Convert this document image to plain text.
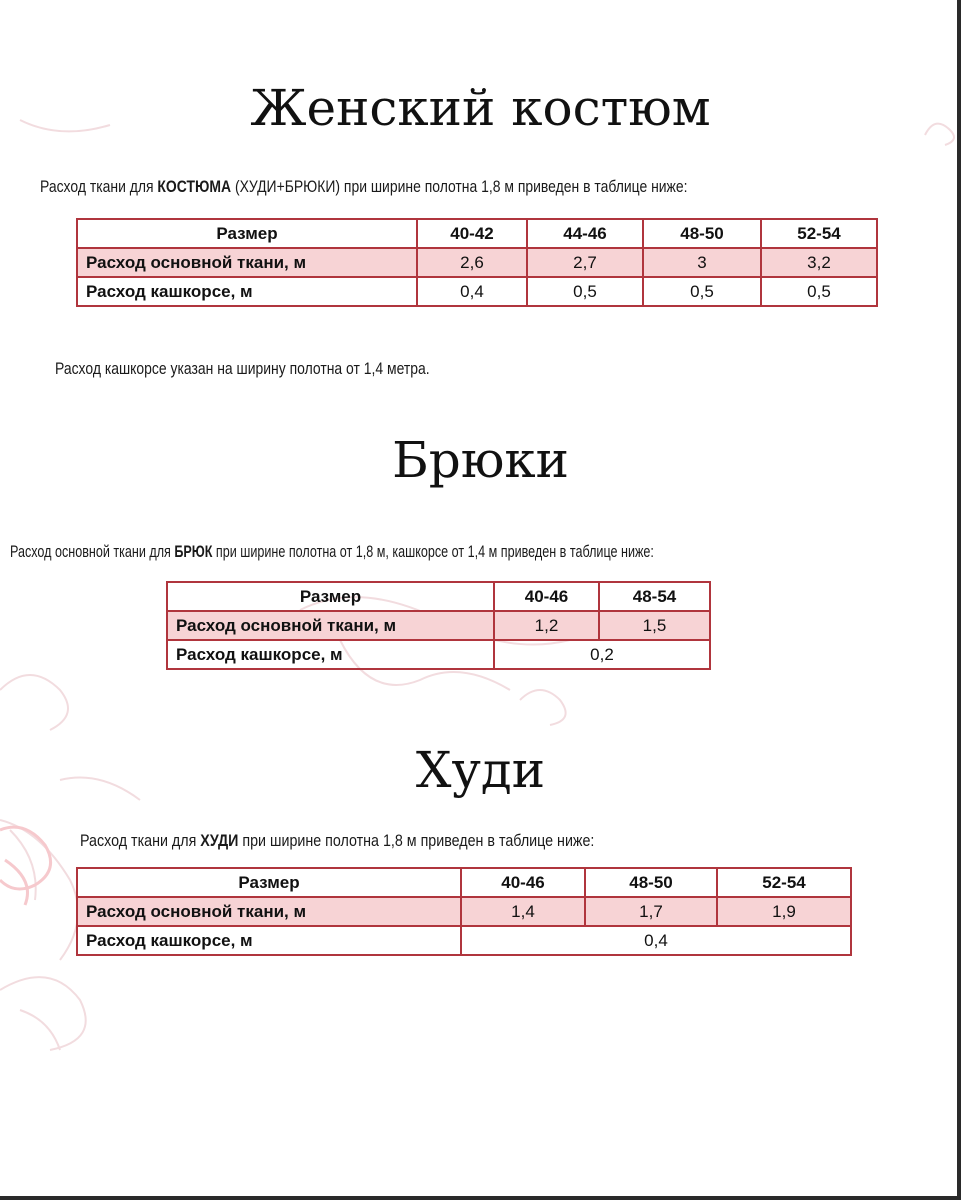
Женский костюм
Расход ткани для КОСТЮМА (ХУДИ+БРЮКИ) при ширине полотна 1,8 м приведен в таблице ниже:
Размер	40-42	44-46	48-50	52-54
Расход основной ткани, м	2,6	2,7	3	3,2
Расход кашкорсе, м	0,4	0,5	0,5	0,5
Расход кашкорсе указан на ширину полотна от 1,4 метра.
Брюки
Расход основной ткани для БРЮК при ширине полотна от 1,8 м, кашкорсе от 1,4 м приведен в таблице ниже:
Размер	40-46	48-54
Расход основной ткани, м	1,2	1,5
Расход кашкорсе, м	0,2	
Худи
Расход ткани для ХУДИ при ширине полотна 1,8 м приведен в таблице ниже:
Размер	40-46	48-50	52-54
Расход основной ткани, м	1,4	1,7	1,9
Расход кашкорсе, м	0,4		
